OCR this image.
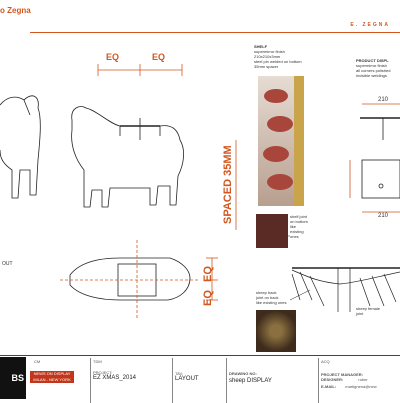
o Zegna
E. ZEGNA
EQ	EQ
EQ
EQ
SPACED 35MM
OUT
SHELF
supermirror finish
210x210x3mm
steel pin welded on bottom
35mm spacer
PRODUCT DISPL
supermirror finish
all corners polished
invisible weldings
210
210
shelf joint
on bottom
like
existing
ones
sheep back
joint on back
like existing ones
sheep female
joint
BS	NEWS ON DISPLAY
MILAN - NEW YORK
CM	TDM
PROJECT:
EZ XMAS_2014
TAV:
LAYOUT
DRAWING NO:
sheep DISPLAY
ACQ
PROJECT MANAGER:
DESIGNER:	rober
E-MAIL: martignena@new
